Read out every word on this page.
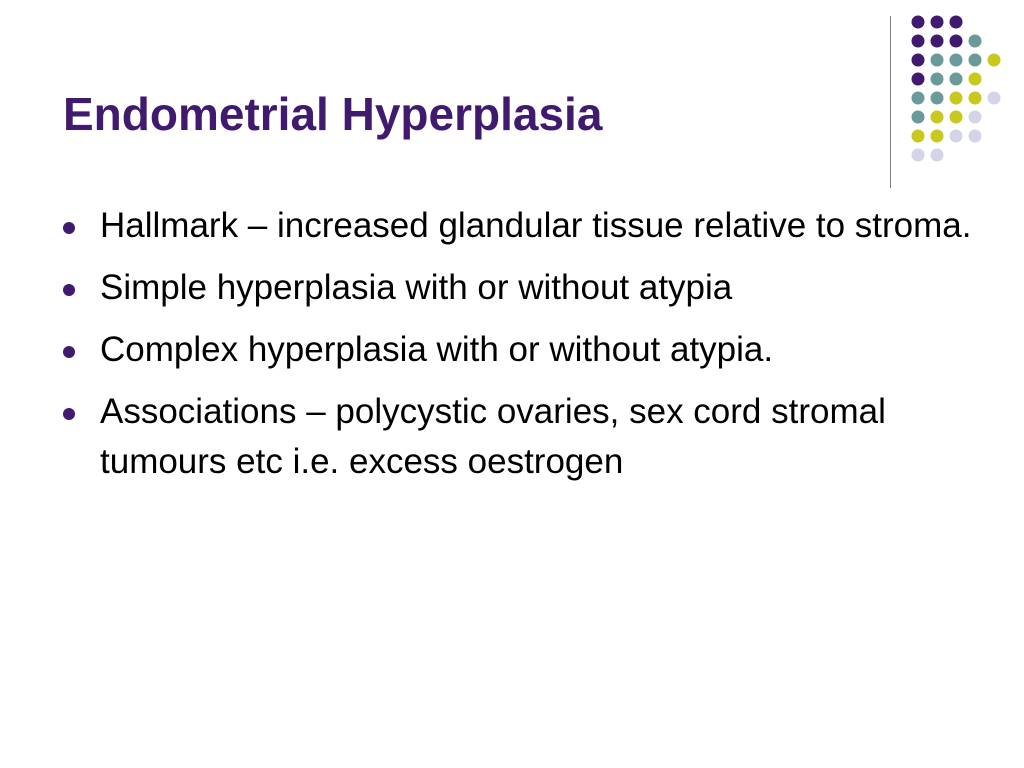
Endometrial Hyperplasia
Hallmark – increased glandular tissue relative to stroma.
Simple hyperplasia with or without atypia
Complex hyperplasia with or without atypia.
Associations – polycystic ovaries, sex cord stromal tumours etc i.e. excess oestrogen
